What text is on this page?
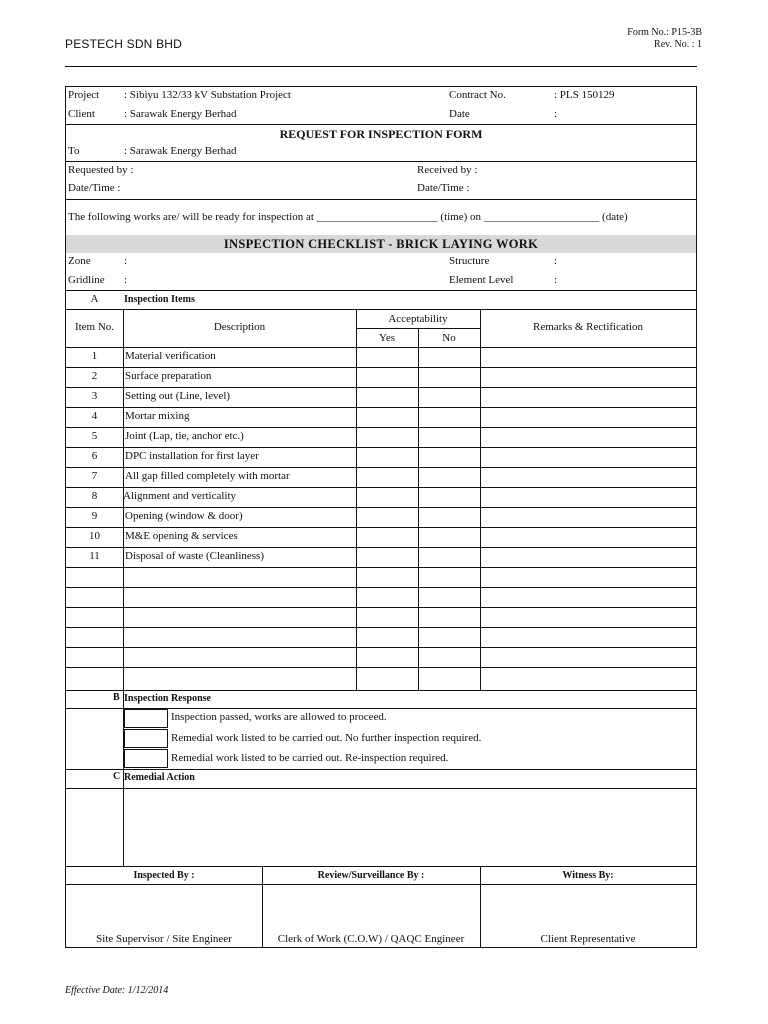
PESTECH SDN BHD
Form No.: P15-3B
Rev. No. : 1
Project : Sibiyu 132/33 kV Substation Project	Contract No.	: PLS 150129
Client	: Sarawak Energy Berhad	Date	:
REQUEST FOR INSPECTION FORM
To	: Sarawak Energy Berhad
Requested by :	Received by :
Date/Time :	Date/Time :
The following works are/ will be ready for inspection at ______________________ (time) on _____________________ (date)
INSPECTION CHECKLIST - BRICK LAYING WORK
Zone	:	Structure	:
Gridline :	Element Level	:
A	Inspection Items
Item No.	Description
Acceptability
Yes	No
Remarks & Rectification
1	Material verification
2	Surface preparation
3	Setting out (Line, level)
4	Mortar mixing
5	Joint (Lap, tie, anchor etc.)
6	DPC installation for first layer
7	All gap filled completely with mortar
8	Alignment and verticality
9	Opening (window & door)
10	M&E opening & services
11	Disposal of waste (Cleanliness)
B Inspection Response
Inspection passed, works are allowed to proceed.
Remedial work listed to be carried out. No further inspection required.
Remedial work listed to be carried out. Re-inspection required.
C Remedial Action
Inspected By :	Review/Surveillance By :	Witness By:
Site Supervisor / Site Engineer	Clerk of Work (C.O.W) / QAQC Engineer	Client Representative
Effective Date: 1/12/2014
